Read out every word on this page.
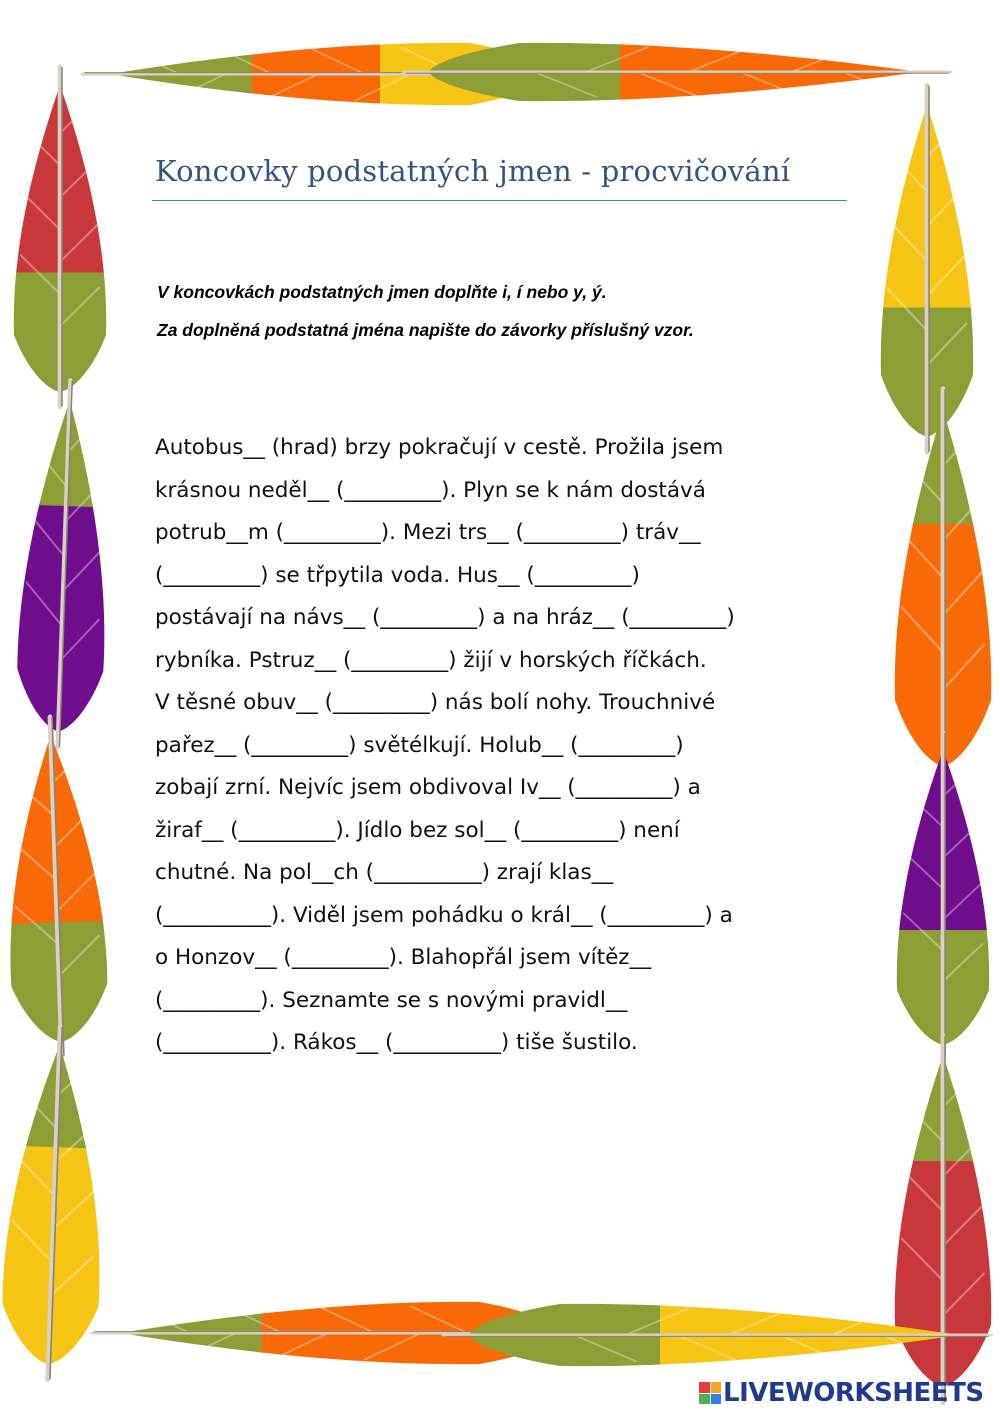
Koncovky podstatných jmen - procvičování
V koncovkách podstatných jmen doplňte i, í nebo y, ý.
Za doplněná podstatná jména napište do závorky příslušný vzor.
Autobus__ (hrad) brzy pokračují v cestě. Prožila jsem
krásnou neděl__ (_________). Plyn se k nám dostává
potrub__m (_________). Mezi trs__ (_________) tráv__
(_________) se třpytila voda. Hus__ (_________)
postávají na návs__ (_________) a na hráz__ (_________)
rybníka. Pstruz__ (_________) žijí v horských říčkách.
V těsné obuv__ (_________) nás bolí nohy. Trouchnivé
pařez__ (_________) světélkují. Holub__ (_________)
zobají zrní. Nejvíc jsem obdivoval Iv__ (_________) a
žiraf__ (_________). Jídlo bez sol__ (_________) není
chutné. Na pol__ch (__________) zrají klas__
(__________). Viděl jsem pohádku o král__ (_________) a
o Honzov__ (_________). Blahopřál jsem vítěz__
(_________). Seznamte se s novými pravidl__
(__________). Rákos__ (__________) tiše šustilo.
LIVEWORKSHEETS
